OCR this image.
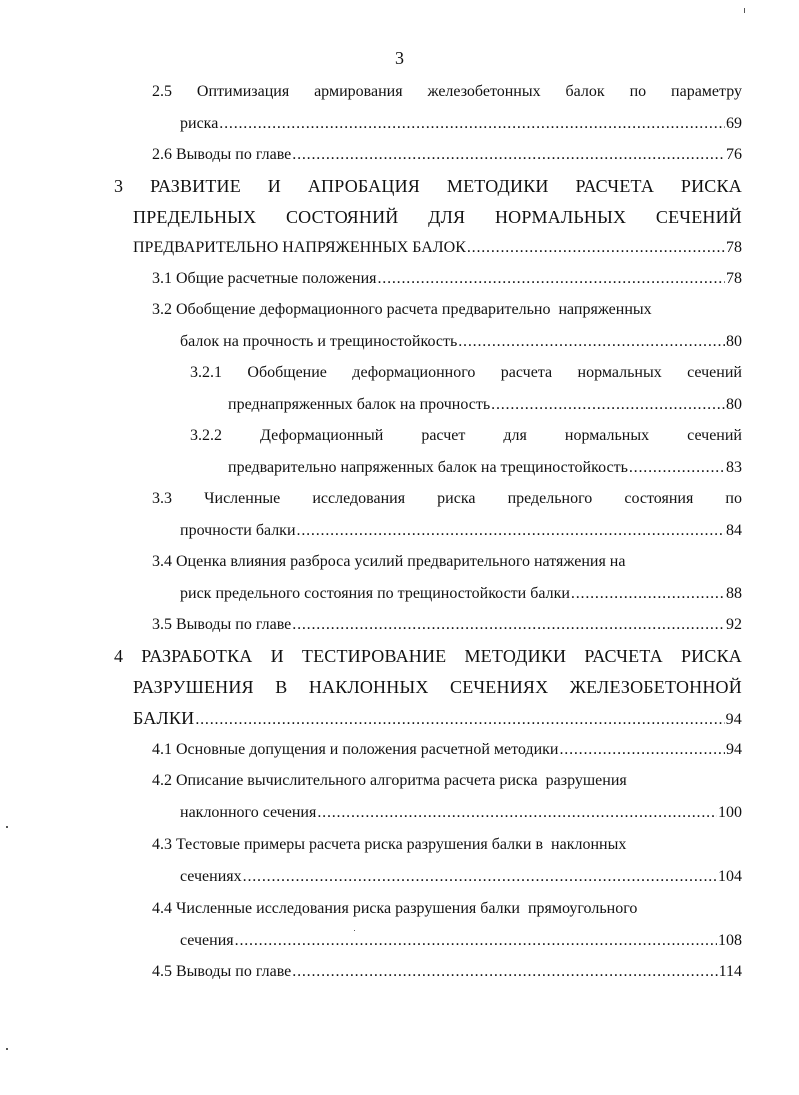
3
2.5 Оптимизация армирования железобетонных балок по параметру
риска . . .	69
2.6 Выводы по главе . . .	76
3 РАЗВИТИЕ И АПРОБАЦИЯ МЕТОДИКИ РАСЧЕТА РИСКА
ПРЕДЕЛЬНЫХ СОСТОЯНИЙ ДЛЯ НОРМАЛЬНЫХ СЕЧЕНИЙ
ПРЕДВАРИТЕЛЬНО НАПРЯЖЕННЫХ БАЛОК . . .	78
3.1 Общие расчетные положения . . .	78
3.2 Обобщение деформационного расчета предварительно  напряженных
балок на прочность и трещиностойкость . . .	80
3.2.1 Обобщение деформационного расчета нормальных сечений
преднапряженных балок на прочность . . .	80
3.2.2 Деформационный расчет для нормальных сечений
предварительно напряженных балок на трещиностойкость . . .	83
3.3 Численные исследования риска предельного состояния по
прочности балки . . .	84
3.4 Оценка влияния разброса усилий предварительного натяжения на
риск предельного состояния по трещиностойкости балки . . .	88
3.5 Выводы по главе . . .	92
4 РАЗРАБОТКА И ТЕСТИРОВАНИЕ МЕТОДИКИ РАСЧЕТА РИСКА
РАЗРУШЕНИЯ В НАКЛОННЫХ СЕЧЕНИЯХ ЖЕЛЕЗОБЕТОННОЙ
БАЛКИ . . .	94
4.1 Основные допущения и положения расчетной методики . . .	94
4.2 Описание вычислительного алгоритма расчета риска  разрушения
наклонного сечения . . .	100
4.3 Тестовые примеры расчета риска разрушения балки в  наклонных
сечениях . . .	104
4.4 Численные исследования риска разрушения балки  прямоугольного
сечения . . .	108
4.5 Выводы по главе . . .	114
